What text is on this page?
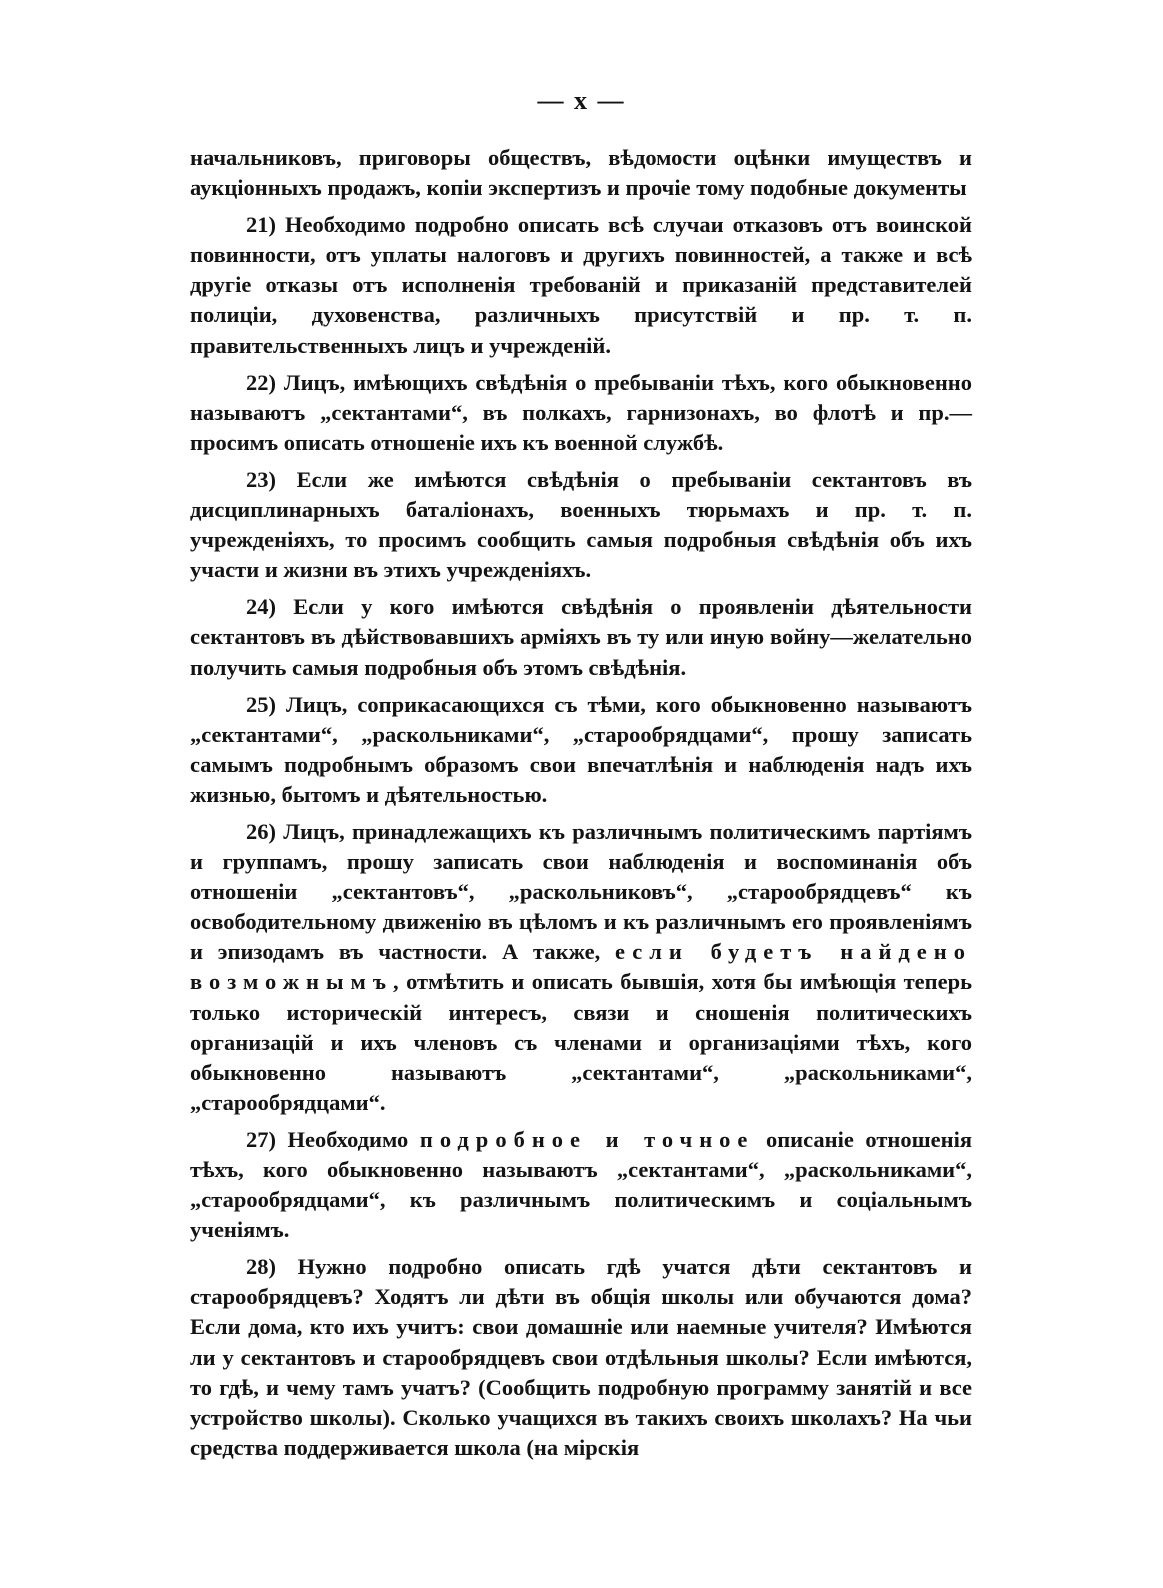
— x —

начальниковъ, приговоры обществъ, вѣдомости оцѣнки имуществъ и аукціонныхъ продажъ, копіи экспертизъ и прочіе тому подобные документы

21) Необходимо подробно описать всѣ случаи отказовъ отъ воинской повинности, отъ уплаты налоговъ и другихъ повинностей, а также и всѣ другіе отказы отъ исполненія требованій и приказаній представителей полиціи, духовенства, различныхъ присутствій и пр. т. п. правительственныхъ лицъ и учрежденій.

22) Лицъ, имѣющихъ свѣдѣнія о пребываніи тѣхъ, кого обыкновенно называютъ „сектантами“, въ полкахъ, гарнизонахъ, во флотѣ и пр.—просимъ описать отношеніе ихъ къ военной службѣ.

23) Если же имѣются свѣдѣнія о пребываніи сектантовъ въ дисциплинарныхъ баталіонахъ, военныхъ тюрьмахъ и пр. т. п. учрежденіяхъ, то просимъ сообщить самыя подробныя свѣдѣнія объ ихъ участи и жизни въ этихъ учрежденіяхъ.

24) Если у кого имѣются свѣдѣнія о проявленіи дѣятельности сектантовъ въ дѣйствовавшихъ арміяхъ въ ту или иную войну—желательно получить самыя подробныя объ этомъ свѣдѣнія.

25) Лицъ, соприкасающихся съ тѣми, кого обыкновенно называютъ „сектантами“, „раскольниками“, „старообрядцами“, прошу записать самымъ подробнымъ образомъ свои впечатлѣнія и наблюденія надъ ихъ жизнью, бытомъ и дѣятельностью.

26) Лицъ, принадлежащихъ къ различнымъ политическимъ партіямъ и группамъ, прошу записать свои наблюденія и воспоминанія объ отношеніи „сектантовъ“, „раскольниковъ“, „старообрядцевъ“ къ освободительному движенію въ цѣломъ и къ различнымъ его проявленіямъ и эпизодамъ въ частности. А также, если будетъ найдено возможнымъ, отмѣтить и описать бывшія, хотя бы имѣющія теперь только историческій интересъ, связи и сношенія политическихъ организацій и ихъ членовъ съ членами и организаціями тѣхъ, кого обыкновенно называютъ „сектантами“, „раскольниками“, „старообрядцами“.

27) Необходимо подробное и точное описаніе отношенія тѣхъ, кого обыкновенно называютъ „сектантами“, „раскольниками“, „старообрядцами“, къ различнымъ политическимъ и соціальнымъ ученіямъ.

28) Нужно подробно описать гдѣ учатся дѣти сектантовъ и старообрядцевъ? Ходятъ ли дѣти въ общія школы или обучаются дома? Если дома, кто ихъ учитъ: свои домашніе или наемные учителя? Имѣются ли у сектантовъ и старообрядцевъ свои отдѣльныя школы? Если имѣются, то гдѣ, и чему тамъ учатъ? (Сообщить подробную программу занятій и все устройство школы). Сколько учащихся въ такихъ своихъ школахъ? На чьи средства поддерживается школа (на мірскія
